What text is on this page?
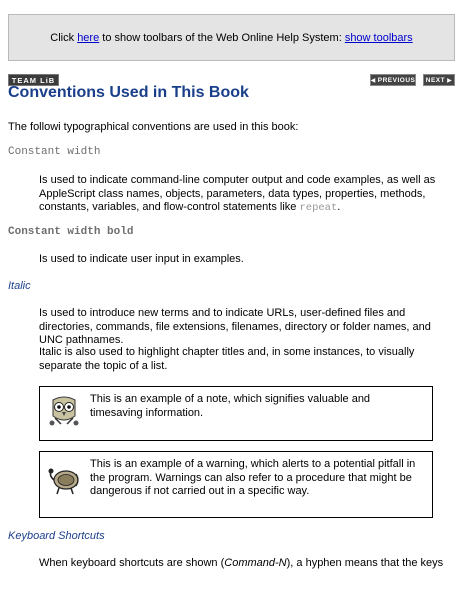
Click here to show toolbars of the Web Online Help System: show toolbars
TEAM LiB	◀ PREVIOUS NEXT ▶
Conventions Used in This Book
The followi typographical conventions are used in this book:
Constant width
Is used to indicate command-line computer output and code examples, as well as AppleScript class names, objects, parameters, data types, properties, methods, constants, variables, and flow-control statements like repeat.
Constant width bold
Is used to indicate user input in examples.
Italic
Is used to introduce new terms and to indicate URLs, user-defined files and directories, commands, file extensions, filenames, directory or folder names, and UNC pathnames.
Italic is also used to highlight chapter titles and, in some instances, to visually separate the topic of a list.
This is an example of a note, which signifies valuable and timesaving information.
This is an example of a warning, which alerts to a potential pitfall in the program. Warnings can also refer to a procedure that might be dangerous if not carried out in a specific way.
Keyboard Shortcuts
When keyboard shortcuts are shown (Command-N), a hyphen means that the keys
